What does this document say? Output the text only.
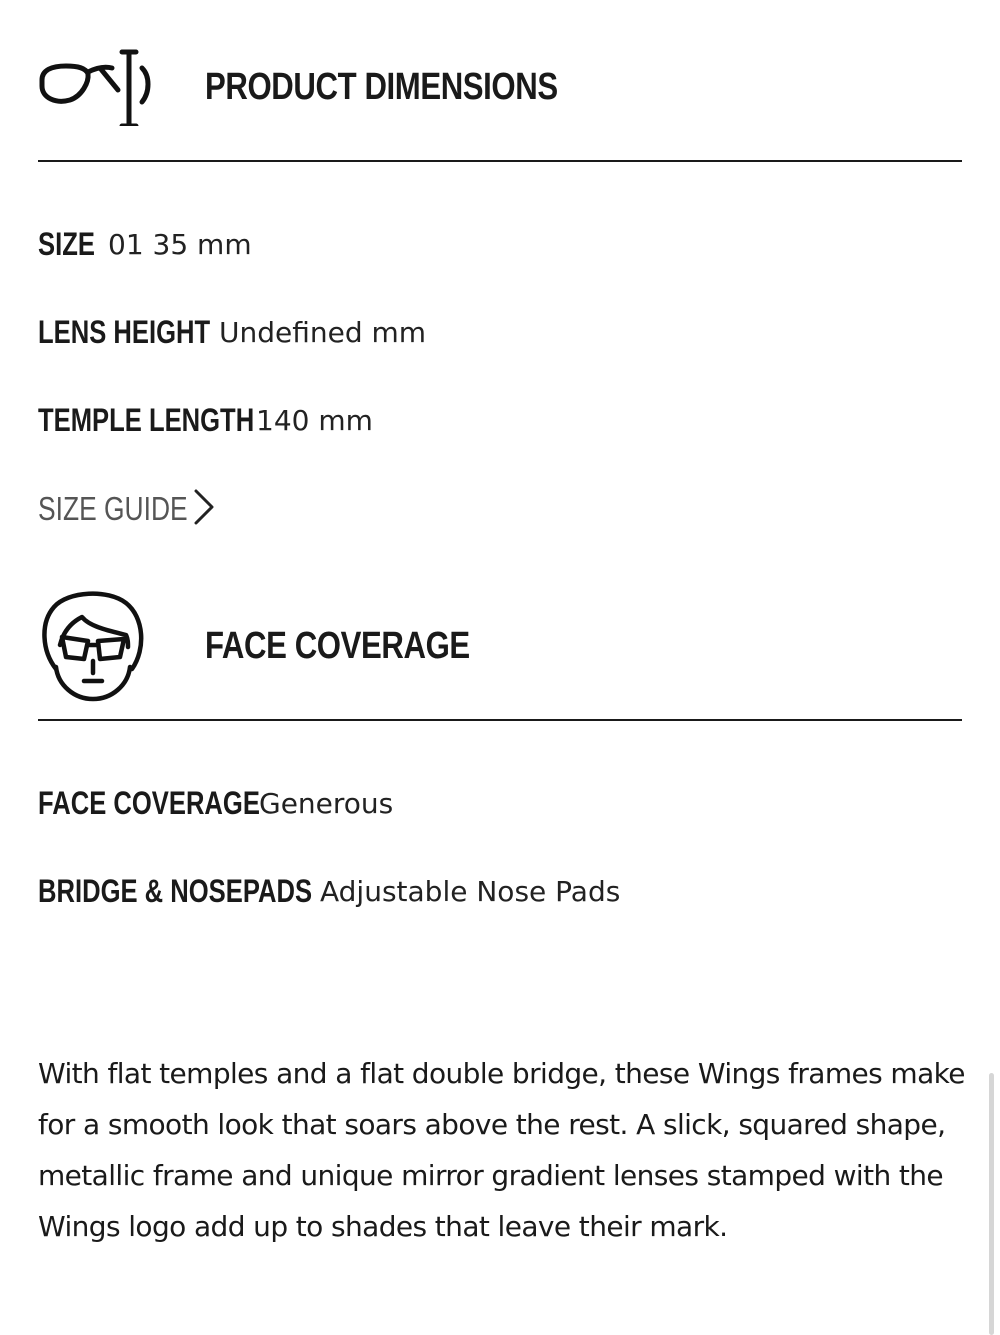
PRODUCT DIMENSIONS
SIZE 01 35 mm
LENS HEIGHT Undefined mm
TEMPLE LENGTH 140 mm
SIZE GUIDE
FACE COVERAGE
FACE COVERAGE Generous
BRIDGE & NOSEPADS Adjustable Nose Pads

With flat temples and a flat double bridge, these Wings frames make for a smooth look that soars above the rest. A slick, squared shape, metallic frame and unique mirror gradient lenses stamped with the Wings logo add up to shades that leave their mark.
